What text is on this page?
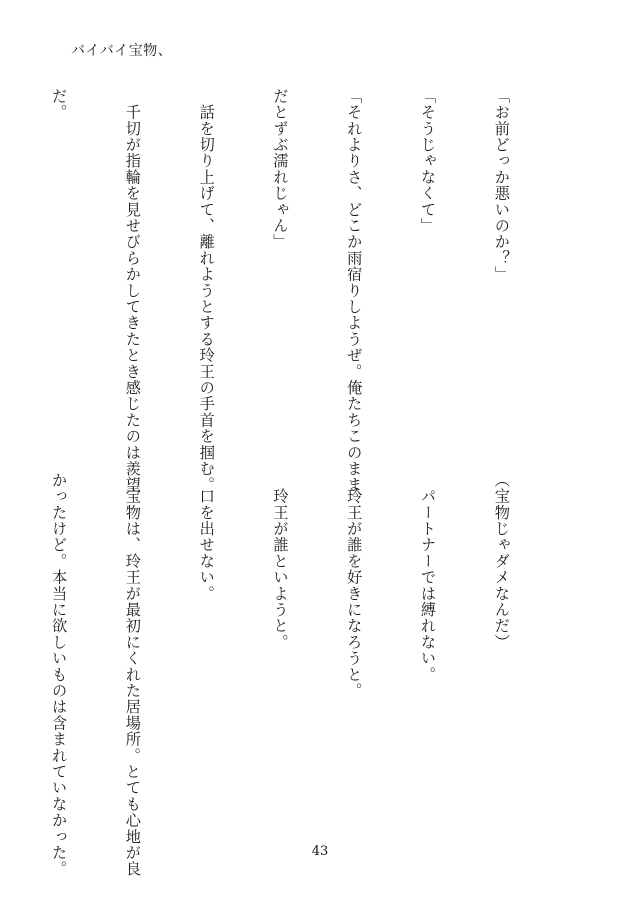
バイバイ宝物、

「お前どっか悪いのか？」

「そうじゃなくて」

「それよりさ、どこか雨宿りしようぜ。俺たちこのまま

だとずぶ濡れじゃん」

　話を切り上げて、離れようとする玲王の手首を掴む。

　千切が指輪を見せびらかしてきたとき感じたのは羨望

だ。

（宝物じゃダメなんだ）

　パートナーでは縛れない。

　玲王が誰を好きになろうと。

　玲王が誰といようと。

　口を出せない。

　宝物は、玲王が最初にくれた居場所。とても心地が良

かったけど。本当に欲しいものは含まれていなかった。

	43
